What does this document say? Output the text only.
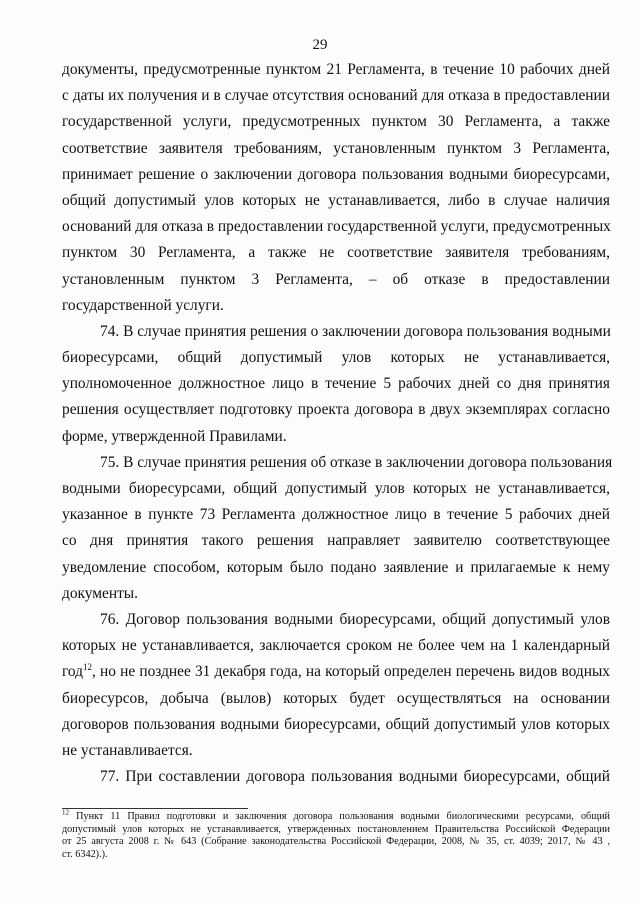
29
документы, предусмотренные пунктом 21 Регламента, в течение 10 рабочих дней
с даты их получения и в случае отсутствия оснований для отказа в предоставлении
государственной услуги, предусмотренных пунктом 30 Регламента, а также
соответствие заявителя требованиям, установленным пунктом 3 Регламента,
принимает решение о заключении договора пользования водными биоресурсами,
общий допустимый улов которых не устанавливается, либо в случае наличия
оснований для отказа в предоставлении государственной услуги, предусмотренных
пунктом 30 Регламента, а также не соответствие заявителя требованиям,
установленным пунктом 3 Регламента, – об отказе в предоставлении
государственной услуги.
74. В случае принятия решения о заключении договора пользования водными
биоресурсами, общий допустимый улов которых не устанавливается,
уполномоченное должностное лицо в течение 5 рабочих дней со дня принятия
решения осуществляет подготовку проекта договора в двух экземплярах согласно
форме, утвержденной Правилами.
75. В случае принятия решения об отказе в заключении договора пользования
водными биоресурсами, общий допустимый улов которых не устанавливается,
указанное в пункте 73 Регламента должностное лицо в течение 5 рабочих дней
со дня принятия такого решения направляет заявителю соответствующее
уведомление способом, которым было подано заявление и прилагаемые к нему
документы.
76. Договор пользования водными биоресурсами, общий допустимый улов
которых не устанавливается, заключается сроком не более чем на 1 календарный
год$^{12}$, но не позднее 31 декабря года, на который определен перечень видов водных
биоресурсов, добыча (вылов) которых будет осуществляться на основании
договоров пользования водными биоресурсами, общий допустимый улов которых
не устанавливается.
77. При составлении договора пользования водными биоресурсами, общий
$^{12}$ Пункт 11 Правил подготовки и заключения договора пользования водными биологическими ресурсами, общий
допустимый улов которых не устанавливается, утвержденных постановлением Правительства Российской Федерации
от 25 августа 2008 г. № 643 (Собрание законодательства Российской Федерации, 2008, № 35, ст. 4039; 2017, № 43 ,
ст. 6342).).
